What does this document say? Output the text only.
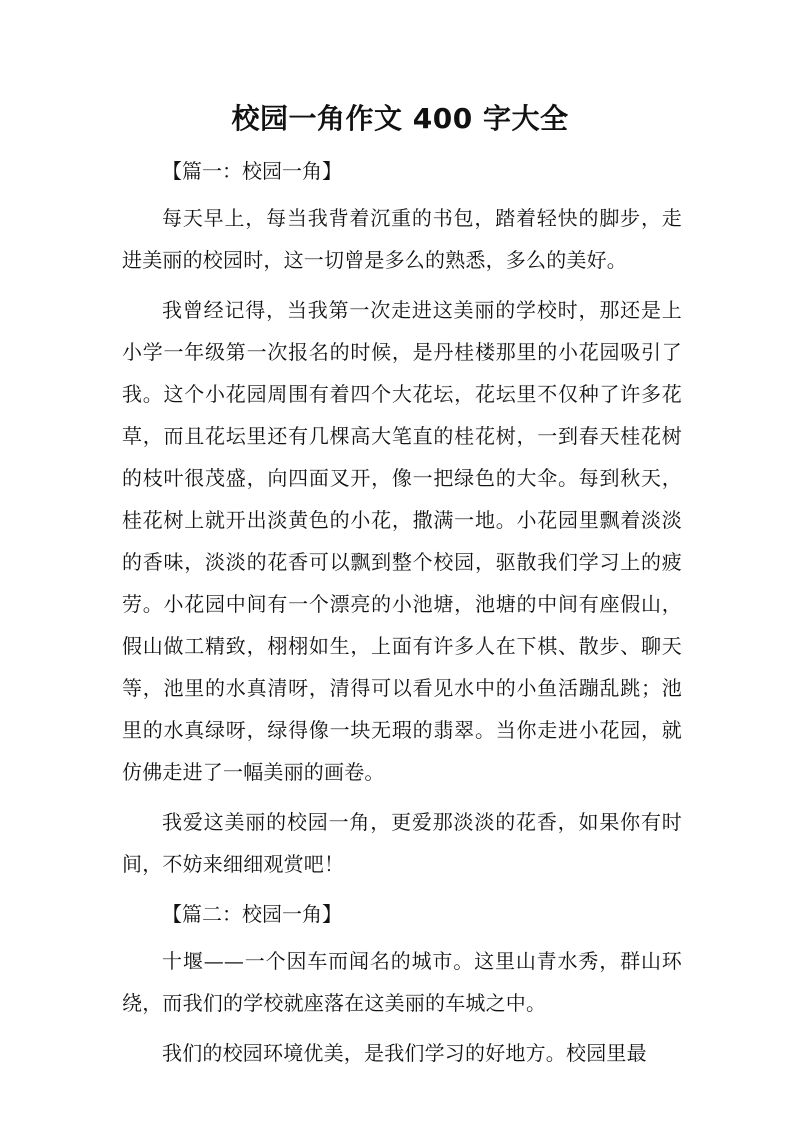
校园一角作文 400 字大全

【篇一：校园一角】

每天早上，每当我背着沉重的书包，踏着轻快的脚步，走进美丽的校园时，这一切曾是多么的熟悉，多么的美好。

我曾经记得，当我第一次走进这美丽的学校时，那还是上小学一年级第一次报名的时候，是丹桂楼那里的小花园吸引了我。这个小花园周围有着四个大花坛，花坛里不仅种了许多花草，而且花坛里还有几棵高大笔直的桂花树，一到春天桂花树的枝叶很茂盛，向四面叉开，像一把绿色的大伞。每到秋天，桂花树上就开出淡黄色的小花，撒满一地。小花园里飘着淡淡的香味，淡淡的花香可以飘到整个校园，驱散我们学习上的疲劳。小花园中间有一个漂亮的小池塘，池塘的中间有座假山，假山做工精致，栩栩如生，上面有许多人在下棋、散步、聊天等，池里的水真清呀，清得可以看见水中的小鱼活蹦乱跳；池里的水真绿呀，绿得像一块无瑕的翡翠。当你走进小花园，就仿佛走进了一幅美丽的画卷。

我爱这美丽的校园一角，更爱那淡淡的花香，如果你有时间，不妨来细细观赏吧！

【篇二：校园一角】

十堰——一个因车而闻名的城市。这里山青水秀，群山环绕，而我们的学校就座落在这美丽的车城之中。

我们的校园环境优美，是我们学习的好地方。校园里最
